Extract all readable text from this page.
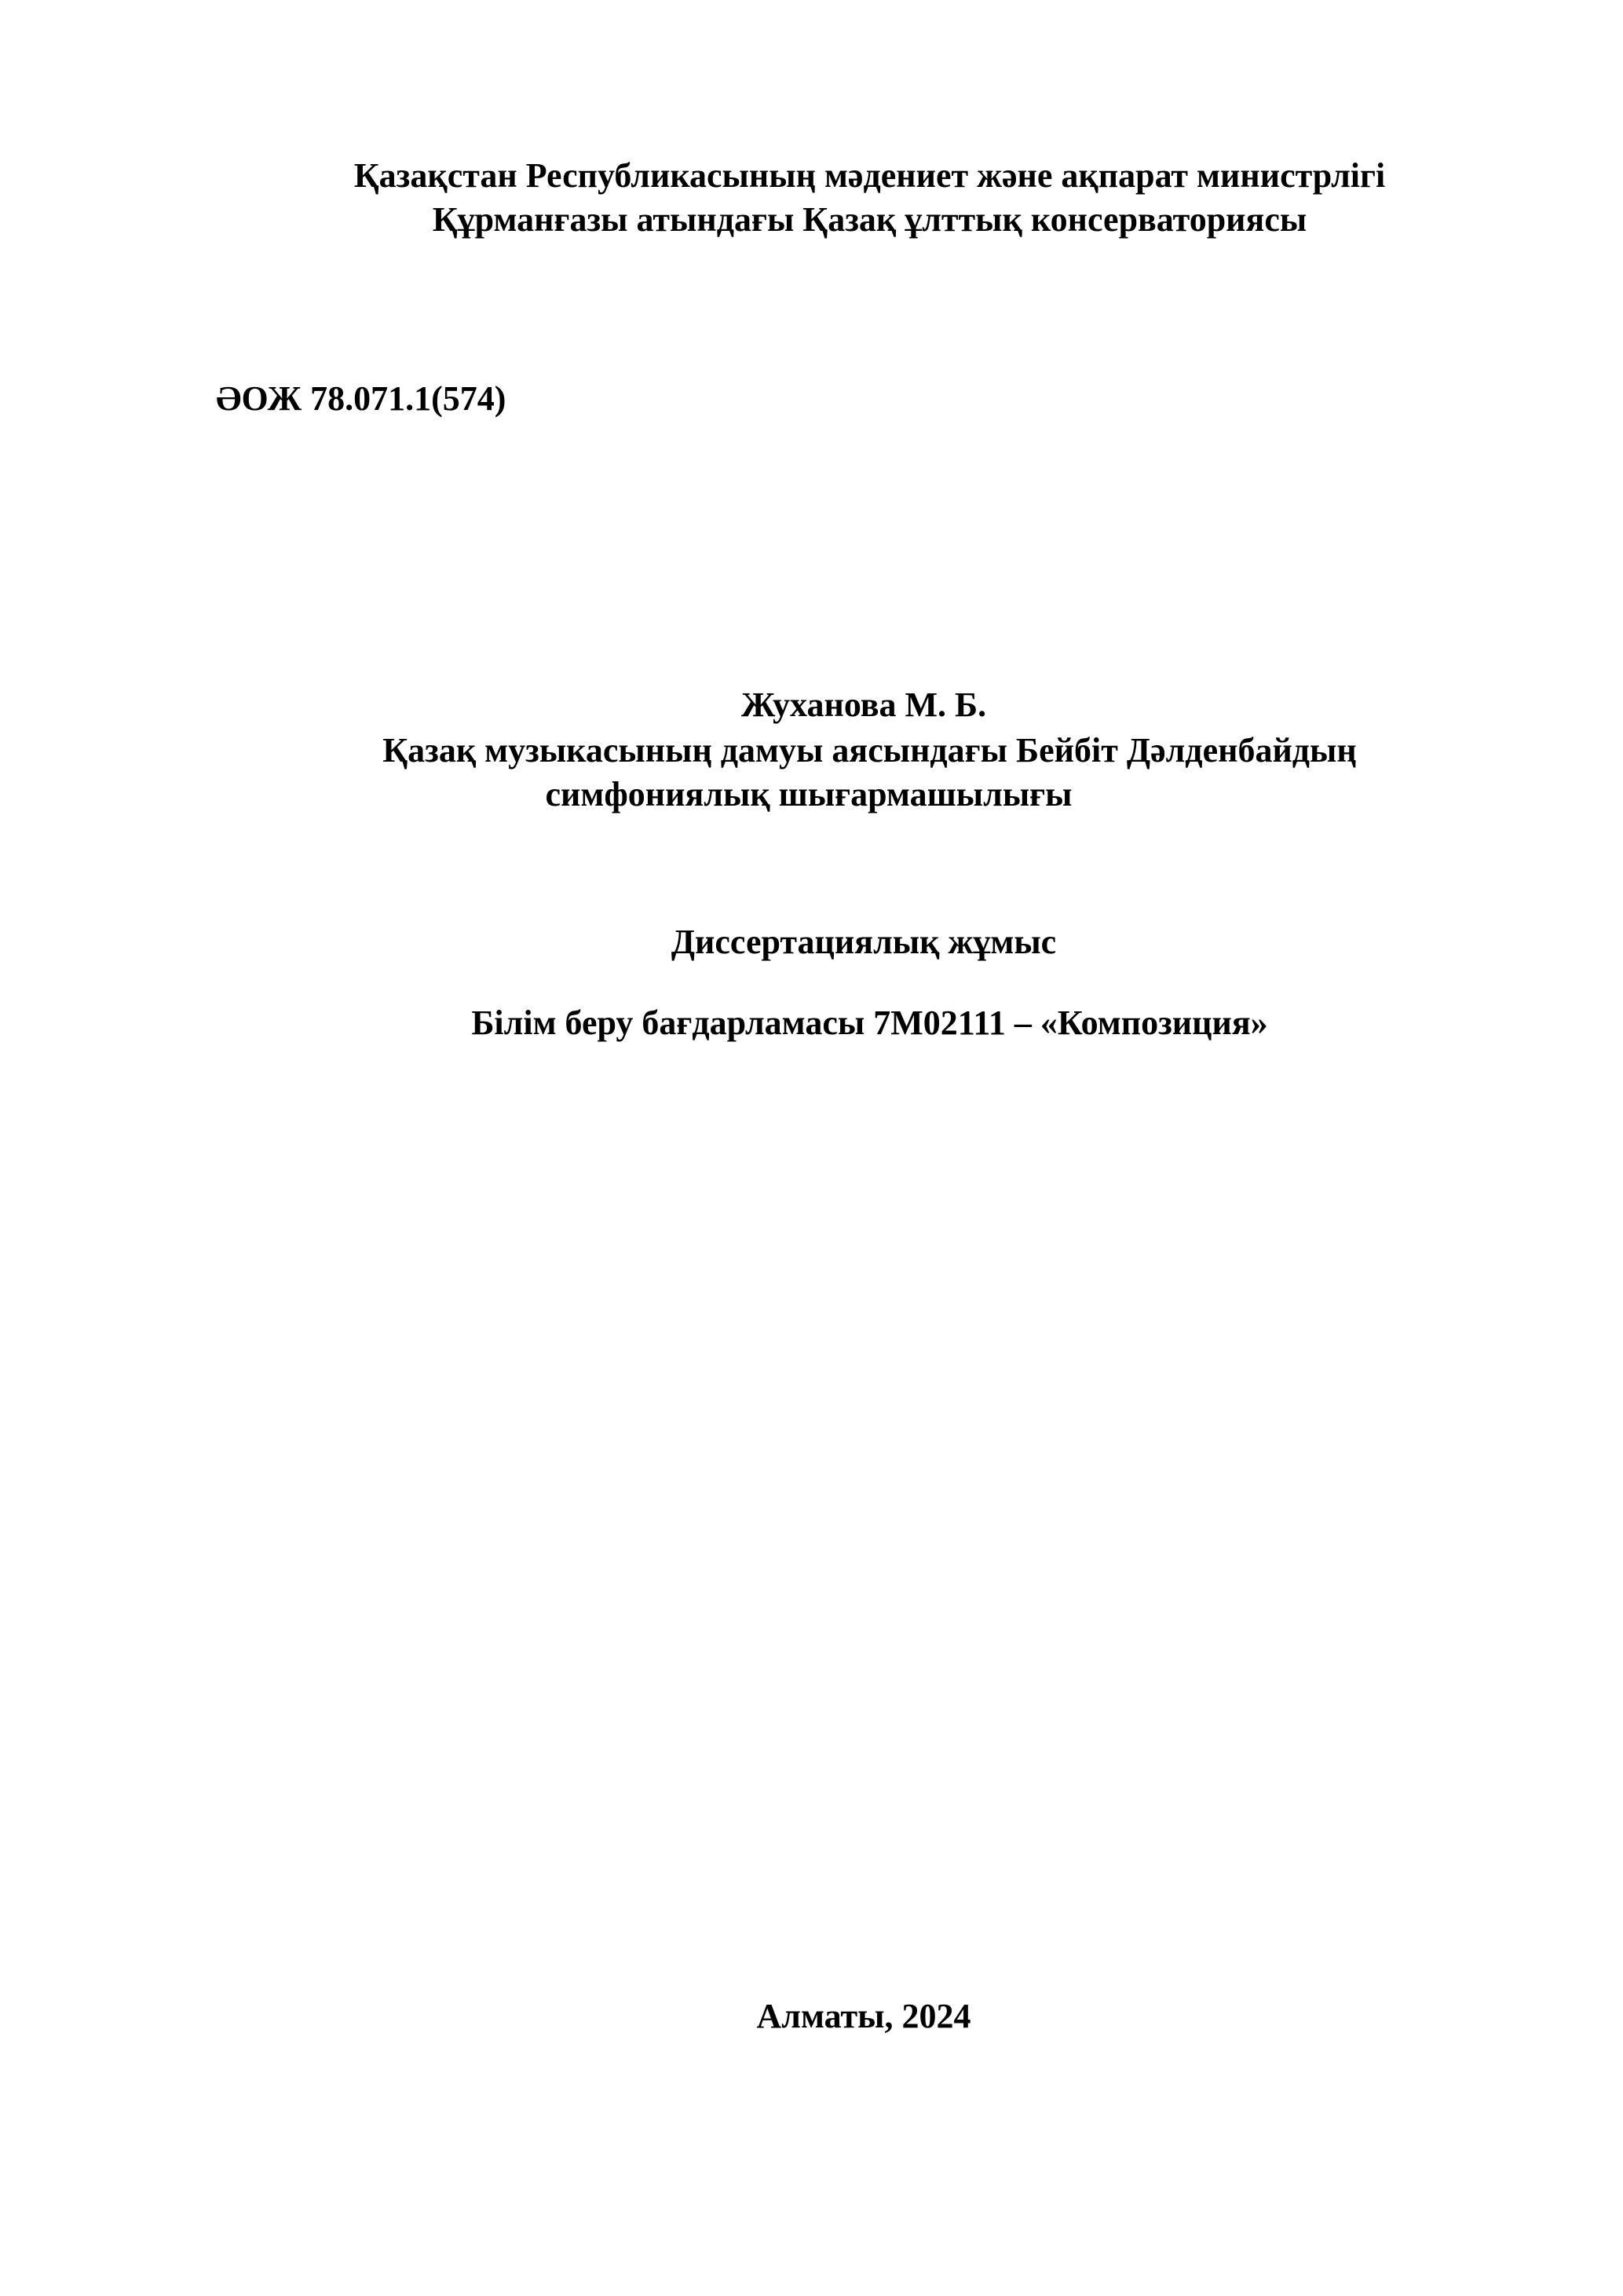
Қазақстан Республикасының мәдениет және ақпарат министрлігі
Құрманғазы атындағы Қазақ ұлттық консерваториясы
ӘОЖ 78.071.1(574)
Жуханова М. Б.
Қазақ музыкасының дамуы аясындағы Бейбіт Дәлденбайдың
симфониялық шығармашылығы
Диссертациялық жұмыс
Білім беру бағдарламасы 7M02111 – «Композиция»
Алматы, 2024
